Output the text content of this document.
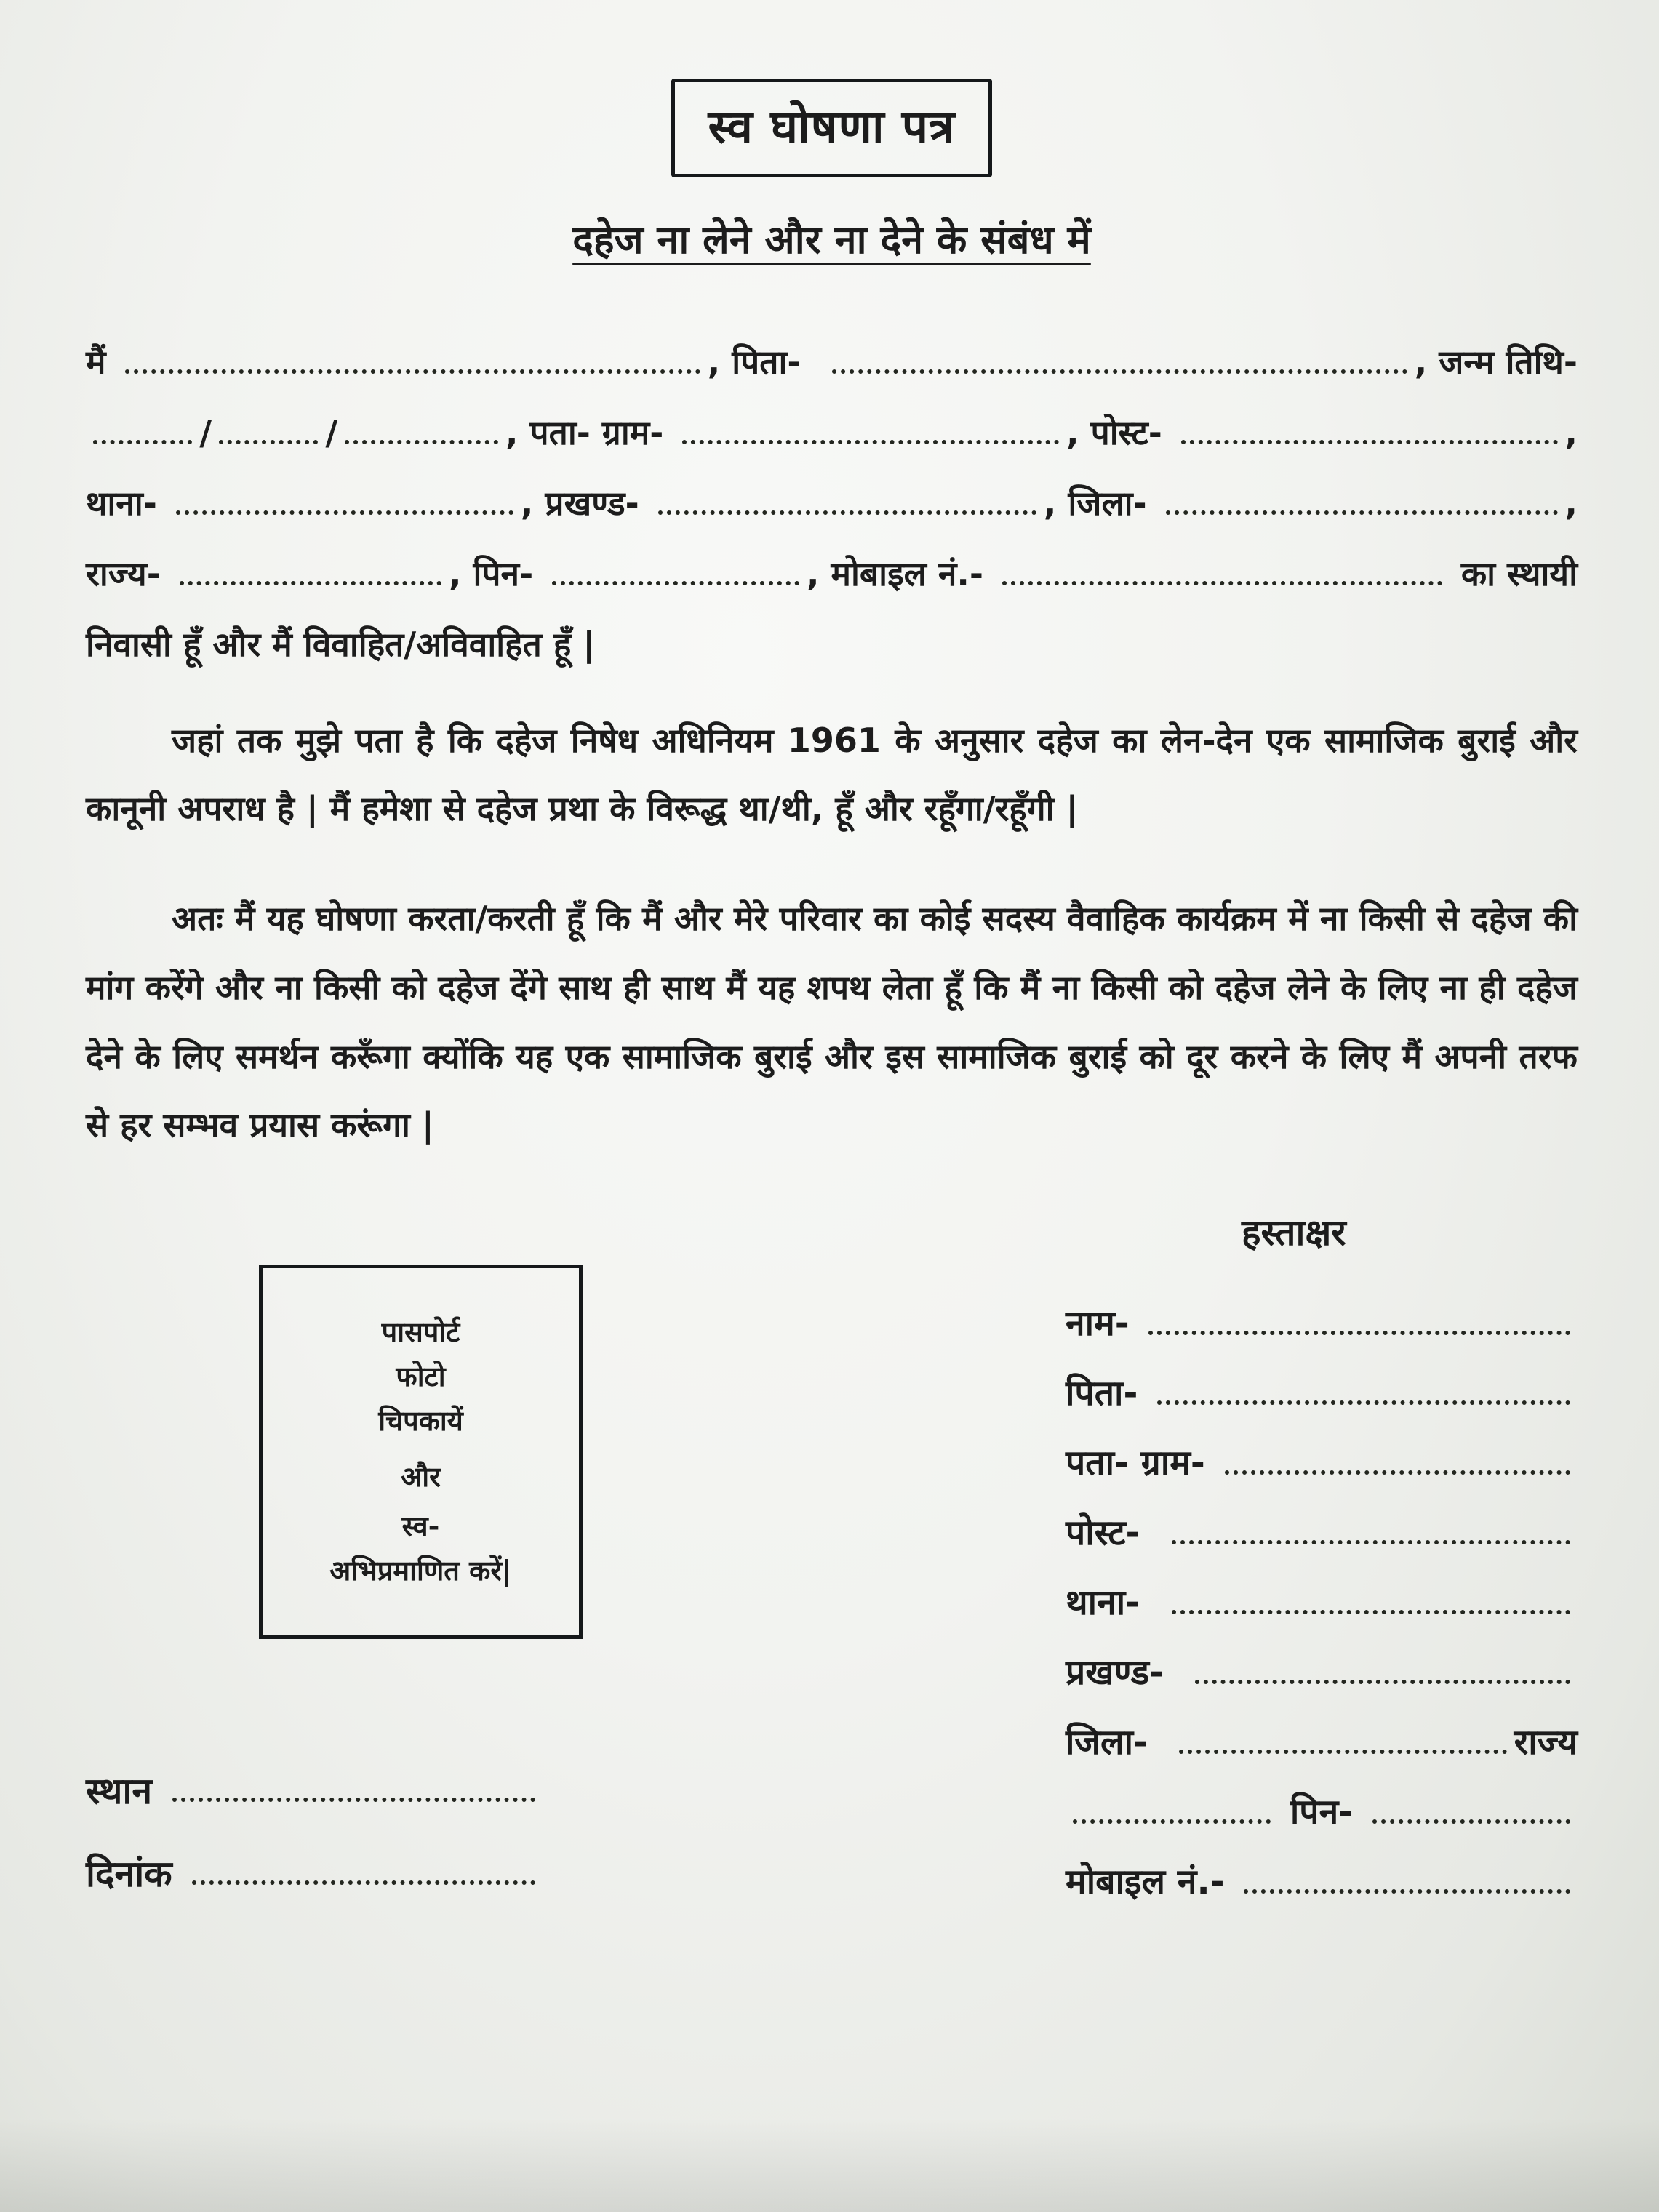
स्व घोषणा पत्र
दहेज ना लेने और ना देने के संबंध में
मैं	, पिता-	, जन्म तिथि-
/	/	, पता- ग्राम-	, पोस्ट-	,
थाना-	, प्रखण्ड-	, जिला-	,
राज्य-	, पिन-	, मोबाइल नं.-	का स्थायी
निवासी हूँ और मैं विवाहित/अविवाहित हूँ |
जहां तक मुझे पता है कि दहेज निषेध अधिनियम 1961 के अनुसार दहेज का लेन-देन एक सामाजिक बुराई और कानूनी अपराध है | मैं हमेशा से दहेज प्रथा के विरूद्ध था/थी, हूँ और रहूँगा/रहूँगी |
अतः मैं यह घोषणा करता/करती हूँ कि मैं और मेरे परिवार का कोई सदस्य वैवाहिक कार्यक्रम में ना किसी से दहेज की मांग करेंगे और ना किसी को दहेज देंगे साथ ही साथ मैं यह शपथ लेता हूँ कि मैं ना किसी को दहेज लेने के लिए ना ही दहेज देने के लिए समर्थन करूँगा क्योंकि यह एक सामाजिक बुराई और इस सामाजिक बुराई को दूर करने के लिए मैं अपनी तरफ से हर सम्भव प्रयास करूंगा |
पासपोर्ट
फोटो
चिपकायें
और
स्व-
अभिप्रमाणित करें|
स्थान
दिनांक
हस्ताक्षर
नाम-
पिता-
पता- ग्राम-
पोस्ट-
थाना-
प्रखण्ड-
जिला-	राज्य
पिन-
मोबाइल नं.-
